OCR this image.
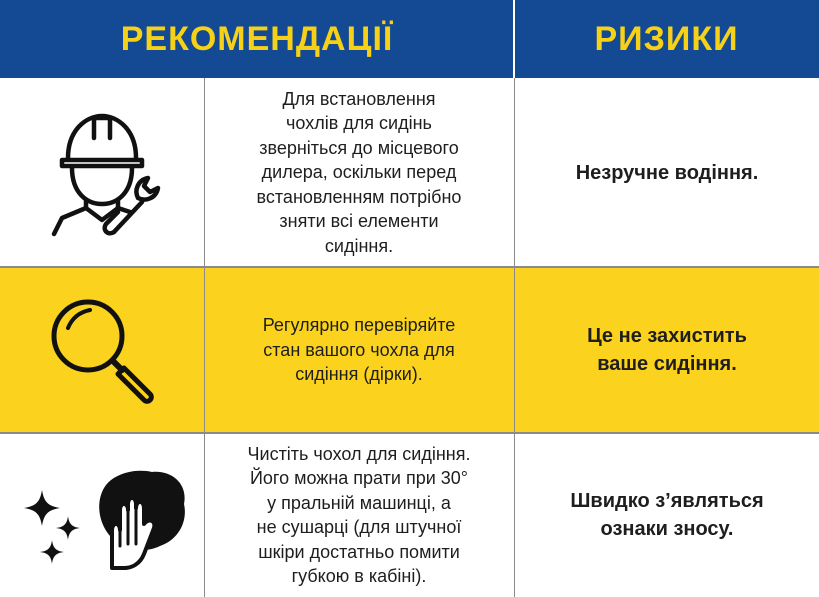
РЕКОМЕНДАЦІЇ	РИЗИКИ
Для встановлення
чохлів для сидінь
зверніться до місцевого
дилера, оскільки перед
встановленням потрібно
зняти всі елементи
сидіння.
Незручне водіння.
Регулярно перевіряйте
стан вашого чохла для
сидіння (дірки).
Це не захистить
ваше сидіння.
Чистіть чохол для сидіння.
Його можна прати при 30°
у пральній машинці, а
не сушарці (для штучної
шкіри достатньо помити
губкою в кабіні).
Швидко з’являться
ознаки зносу.
